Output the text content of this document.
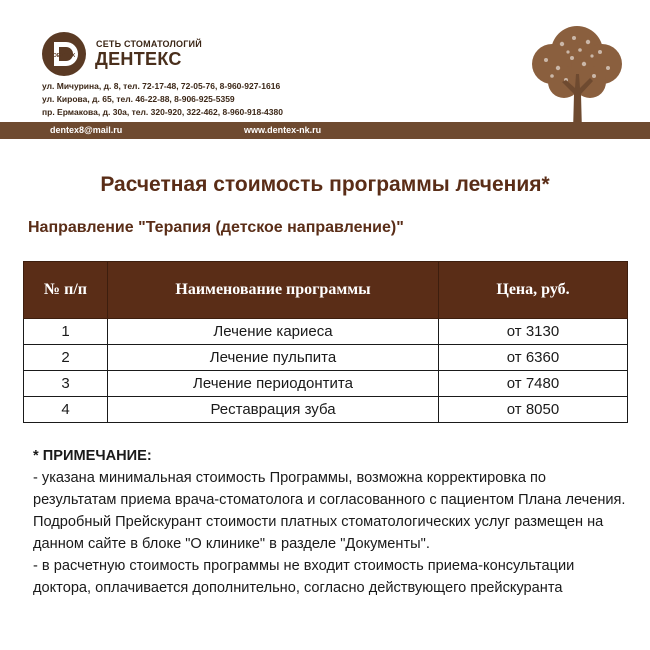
DENTEX
СЕТЬ СТОМАТОЛОГИЙ
ДЕНТЕКС
ул. Мичурина, д. 8, тел. 72-17-48, 72-05-76, 8-960-927-1616
ул. Кирова, д. 65, тел. 46-22-88, 8-906-925-5359
пр. Ермакова, д. 30а, тел. 320-920, 322-462, 8-960-918-4380
dentex8@mail.ru	www.dentex-nk.ru
Расчетная стоимость программы лечения*
Направление "Терапия (детское направление)"
№ п/п	Наименование программы	Цена, руб.
1	Лечение кариеса	от 3130
2	Лечение пульпита	от 6360
3	Лечение периодонтита	от 7480
4	Реставрация зуба	от 8050

* ПРИМЕЧАНИЕ:

- указана минимальная стоимость Программы, возможна корректировка по результатам приема врача-стоматолога и согласованного с пациентом Плана лечения. Подробный Прейскурант стоимости платных стоматологических услуг размещен на данном сайте в блоке "О клинике" в разделе "Документы".

- в расчетную стоимость программы не входит стоимость приема-консультации доктора, оплачивается дополнительно, согласно действующего прейскуранта
